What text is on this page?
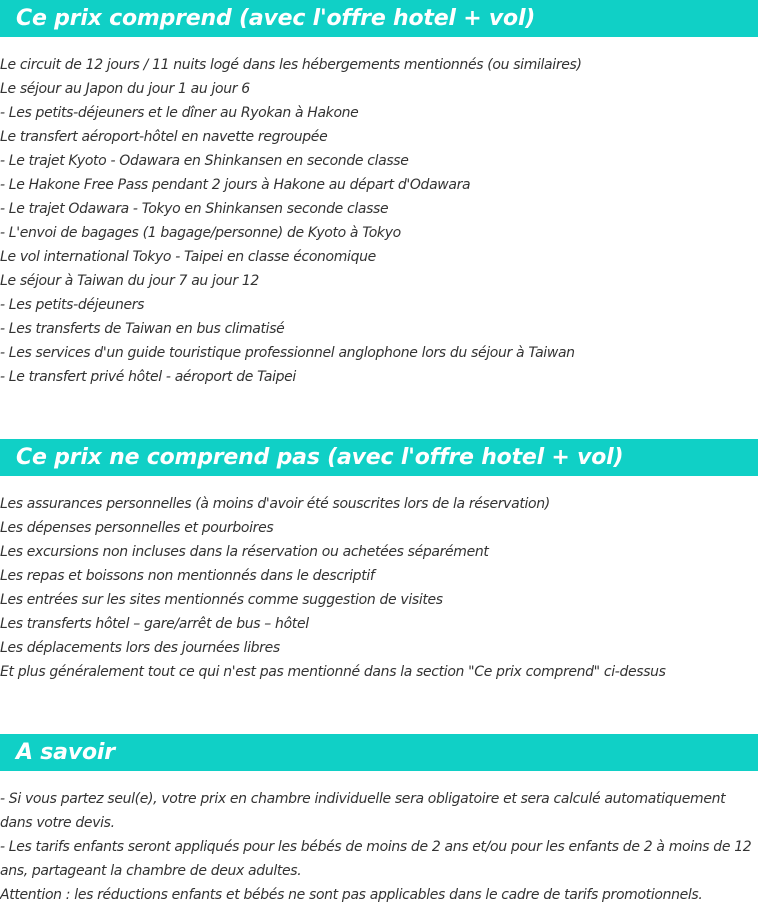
Ce prix comprend (avec l'offre hotel + vol)
Le circuit de 12 jours / 11 nuits logé dans les hébergements mentionnés (ou similaires)
Le séjour au Japon du jour 1 au jour 6
- Les petits-déjeuners et le dîner au Ryokan à Hakone
Le transfert aéroport-hôtel en navette regroupée
- Le trajet Kyoto - Odawara en Shinkansen en seconde classe
- Le Hakone Free Pass pendant 2 jours à Hakone au départ d'Odawara
- Le trajet Odawara - Tokyo en Shinkansen seconde classe
- L'envoi de bagages (1 bagage/personne) de Kyoto à Tokyo
Le vol international Tokyo - Taipei en classe économique
Le séjour à Taiwan du jour 7 au jour 12
- Les petits-déjeuners
- Les transferts de Taiwan en bus climatisé
- Les services d'un guide touristique professionnel anglophone lors du séjour à Taiwan
- Le transfert privé hôtel - aéroport de Taipei
Ce prix ne comprend pas (avec l'offre hotel + vol)
Les assurances personnelles (à moins d'avoir été souscrites lors de la réservation)
Les dépenses personnelles et pourboires
Les excursions non incluses dans la réservation ou achetées séparément
Les repas et boissons non mentionnés dans le descriptif
Les entrées sur les sites mentionnés comme suggestion de visites
Les transferts hôtel – gare/arrêt de bus – hôtel
Les déplacements lors des journées libres
Et plus généralement tout ce qui n'est pas mentionné dans la section "Ce prix comprend" ci-dessus
A savoir
- Si vous partez seul(e), votre prix en chambre individuelle sera obligatoire et sera calculé automatiquement dans votre devis.
- Les tarifs enfants seront appliqués pour les bébés de moins de 2 ans et/ou pour les enfants de 2 à moins de 12 ans, partageant la chambre de deux adultes.
Attention : les réductions enfants et bébés ne sont pas applicables dans le cadre de tarifs promotionnels.
